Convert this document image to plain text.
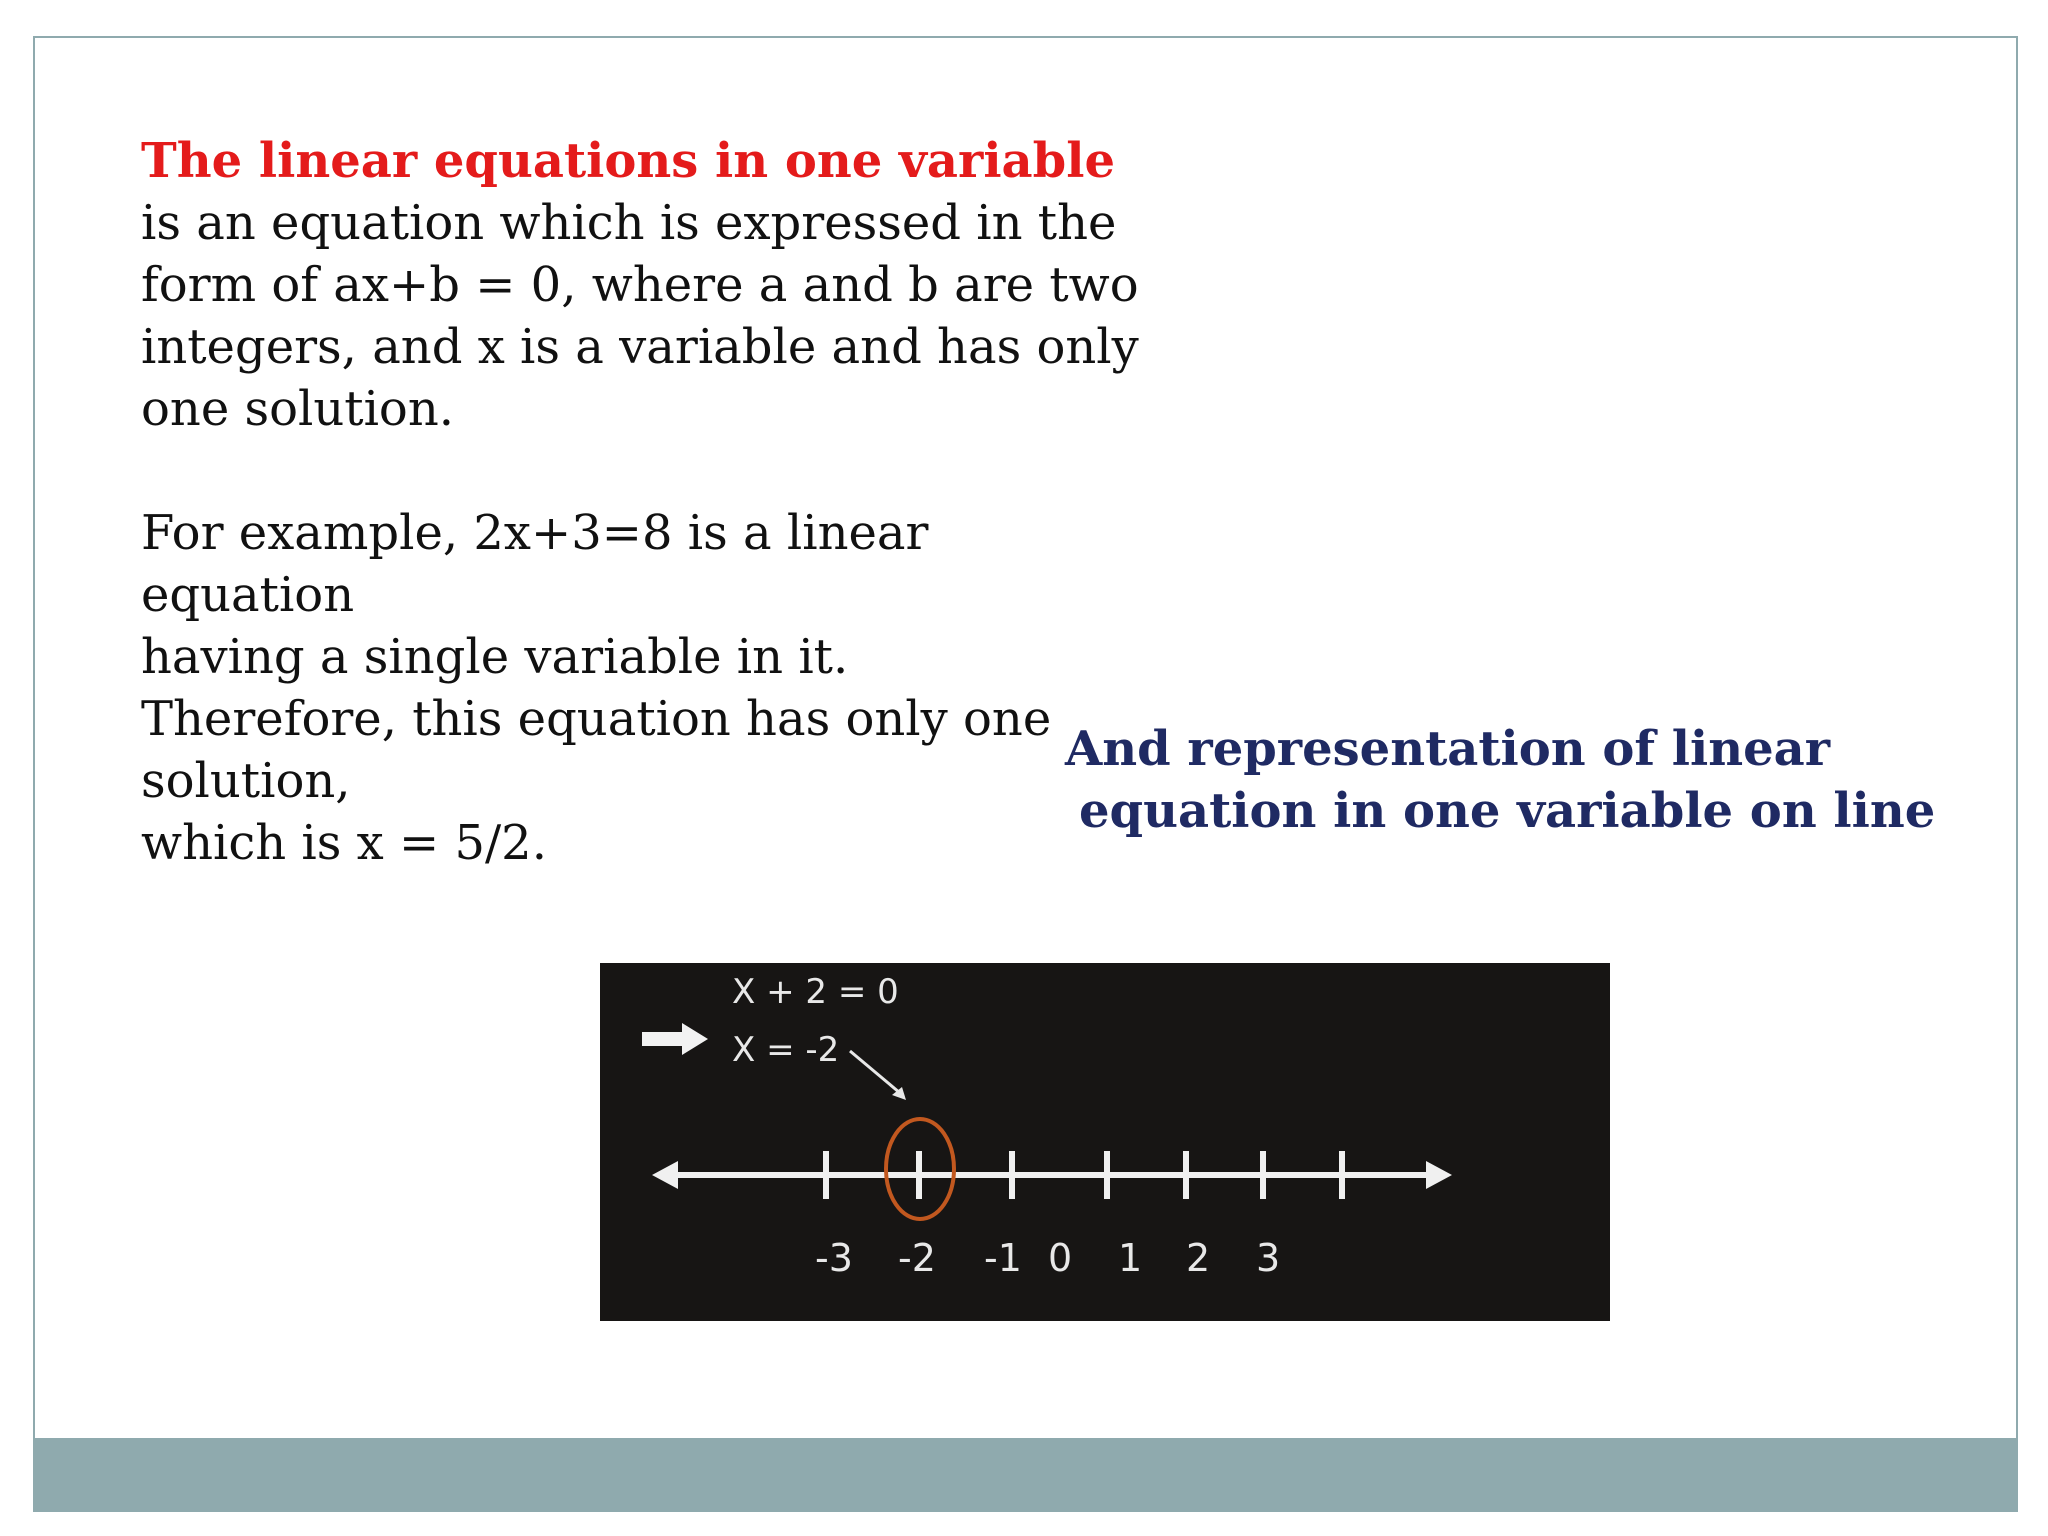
The linear equations in one variable

is an equation which is expressed in the

form of ax+b = 0, where a and b are two

integers, and x is a variable and has only

one solution.

For example, 2x+3=8 is a linear equation

having a single variable in it.

Therefore, this equation has only one

solution,

which is x = 5/2.

And representation of linear
equation in one variable on line
X + 2 = 0
X = -2
-3 -2 -1 0 1 2 3
